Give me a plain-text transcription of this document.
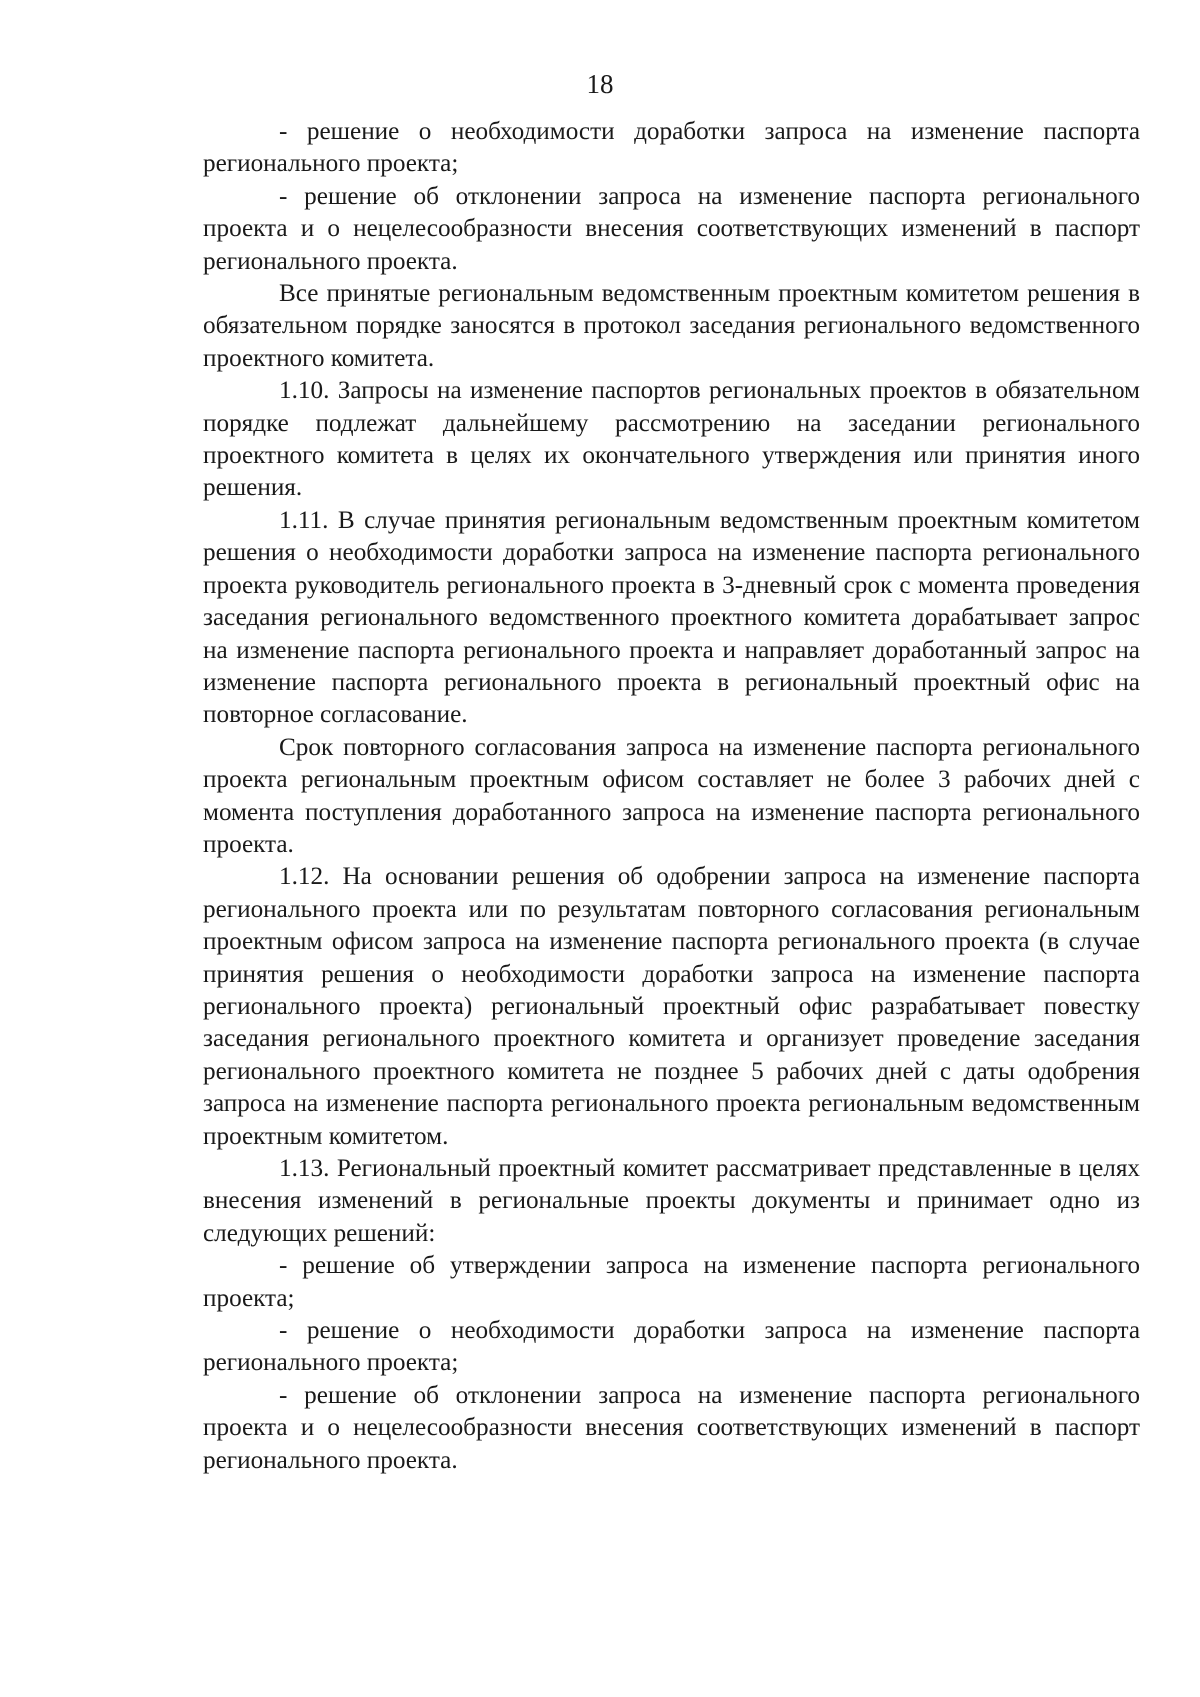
18

- решение о необходимости доработки запроса на изменение паспорта регионального проекта;

- решение об отклонении запроса на изменение паспорта регионального проекта и о нецелесообразности внесения соответствующих изменений в паспорт регионального проекта.

Все принятые региональным ведомственным проектным комитетом решения в обязательном порядке заносятся в протокол заседания регионального ведомственного проектного комитета.

1.10. Запросы на изменение паспортов региональных проектов в обязательном порядке подлежат дальнейшему рассмотрению на заседании регионального проектного комитета в целях их окончательного утверждения или принятия иного решения.

1.11. В случае принятия региональным ведомственным проектным комитетом решения о необходимости доработки запроса на изменение паспорта регионального проекта руководитель регионального проекта в 3-дневный срок с момента проведения заседания регионального ведомственного проектного комитета дорабатывает запрос на изменение паспорта регионального проекта и направляет доработанный запрос на изменение паспорта регионального проекта в региональный проектный офис на повторное согласование.

Срок повторного согласования запроса на изменение паспорта регионального проекта региональным проектным офисом составляет не более 3 рабочих дней с момента поступления доработанного запроса на изменение паспорта регионального проекта.

1.12. На основании решения об одобрении запроса на изменение паспорта регионального проекта или по результатам повторного согласования региональным проектным офисом запроса на изменение паспорта регионального проекта (в случае принятия решения о необходимости доработки запроса на изменение паспорта регионального проекта) региональный проектный офис разрабатывает повестку заседания регионального проектного комитета и организует проведение заседания регионального проектного комитета не позднее 5 рабочих дней с даты одобрения запроса на изменение паспорта регионального проекта региональным ведомственным проектным комитетом.

1.13. Региональный проектный комитет рассматривает представленные в целях внесения изменений в региональные проекты документы и принимает одно из следующих решений:

- решение об утверждении запроса на изменение паспорта регионального проекта;

- решение о необходимости доработки запроса на изменение паспорта регионального проекта;

- решение об отклонении запроса на изменение паспорта регионального проекта и о нецелесообразности внесения соответствующих изменений в паспорт регионального проекта.
